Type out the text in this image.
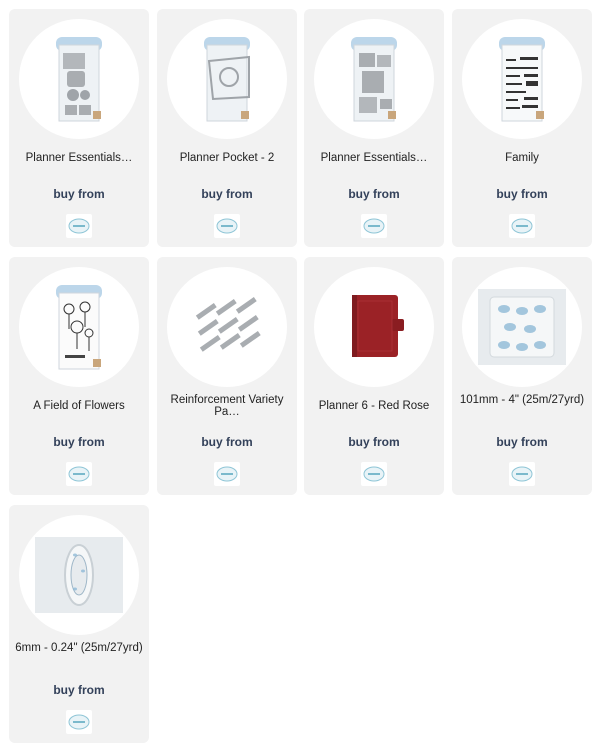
Planner Essentials…
buy from
Planner Pocket - 2
buy from
Planner Essentials…
buy from
Family
buy from
A Field of Flowers
buy from
Reinforcement Variety Pa…
buy from
Planner 6 - Red Rose
buy from
101mm - 4" (25m/27yrd)
buy from
6mm - 0.24" (25m/27yrd)
buy from
